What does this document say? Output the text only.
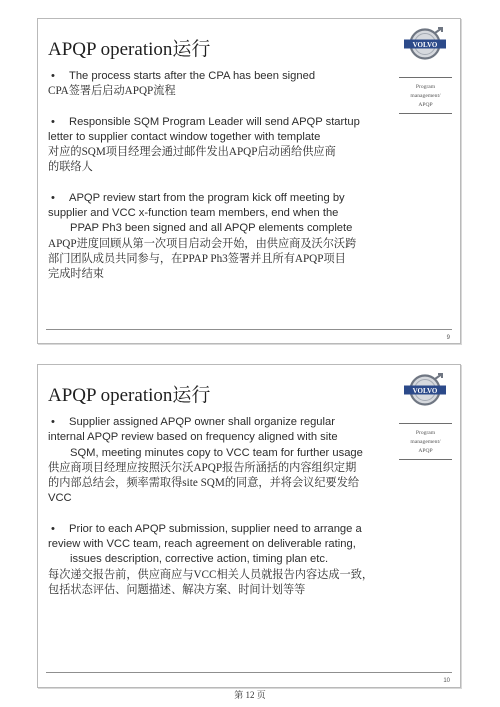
APQP operation运行	VOLVO
Program
management/
APQP
• The process starts after the CPA has been signed
CPA签署后启动APQP流程
• Responsible SQM Program Leader will send APQP startup
letter to supplier contact window together with template
对应的SQM项目经理会通过邮件发出APQP启动函给供应商
的联络人
• APQP review start from the program kick off meeting by
supplier and VCC x-function team members, end when the
PPAP Ph3 been signed and all APQP elements complete
APQP进度回顾从第一次项目启动会开始，由供应商及沃尔沃跨
部门团队成员共同参与，在PPAP Ph3签署并且所有APQP项目
完成时结束
9
APQP operation运行	VOLVO
Program
management/
APQP
• Supplier assigned APQP owner shall organize regular
internal APQP review based on frequency aligned with site
SQM, meeting minutes copy to VCC team for further usage
供应商项目经理应按照沃尔沃APQP报告所涵括的内容组织定期
的内部总结会，频率需取得site SQM的同意，并将会议纪要发给
VCC
• Prior to each APQP submission, supplier need to arrange a
review with VCC team, reach agreement on deliverable rating,
issues description, corrective action, timing plan etc.
每次递交报告前，供应商应与VCC相关人员就报告内容达成一致，
包括状态评估、问题描述、解决方案、时间计划等等
10
第 12 页
